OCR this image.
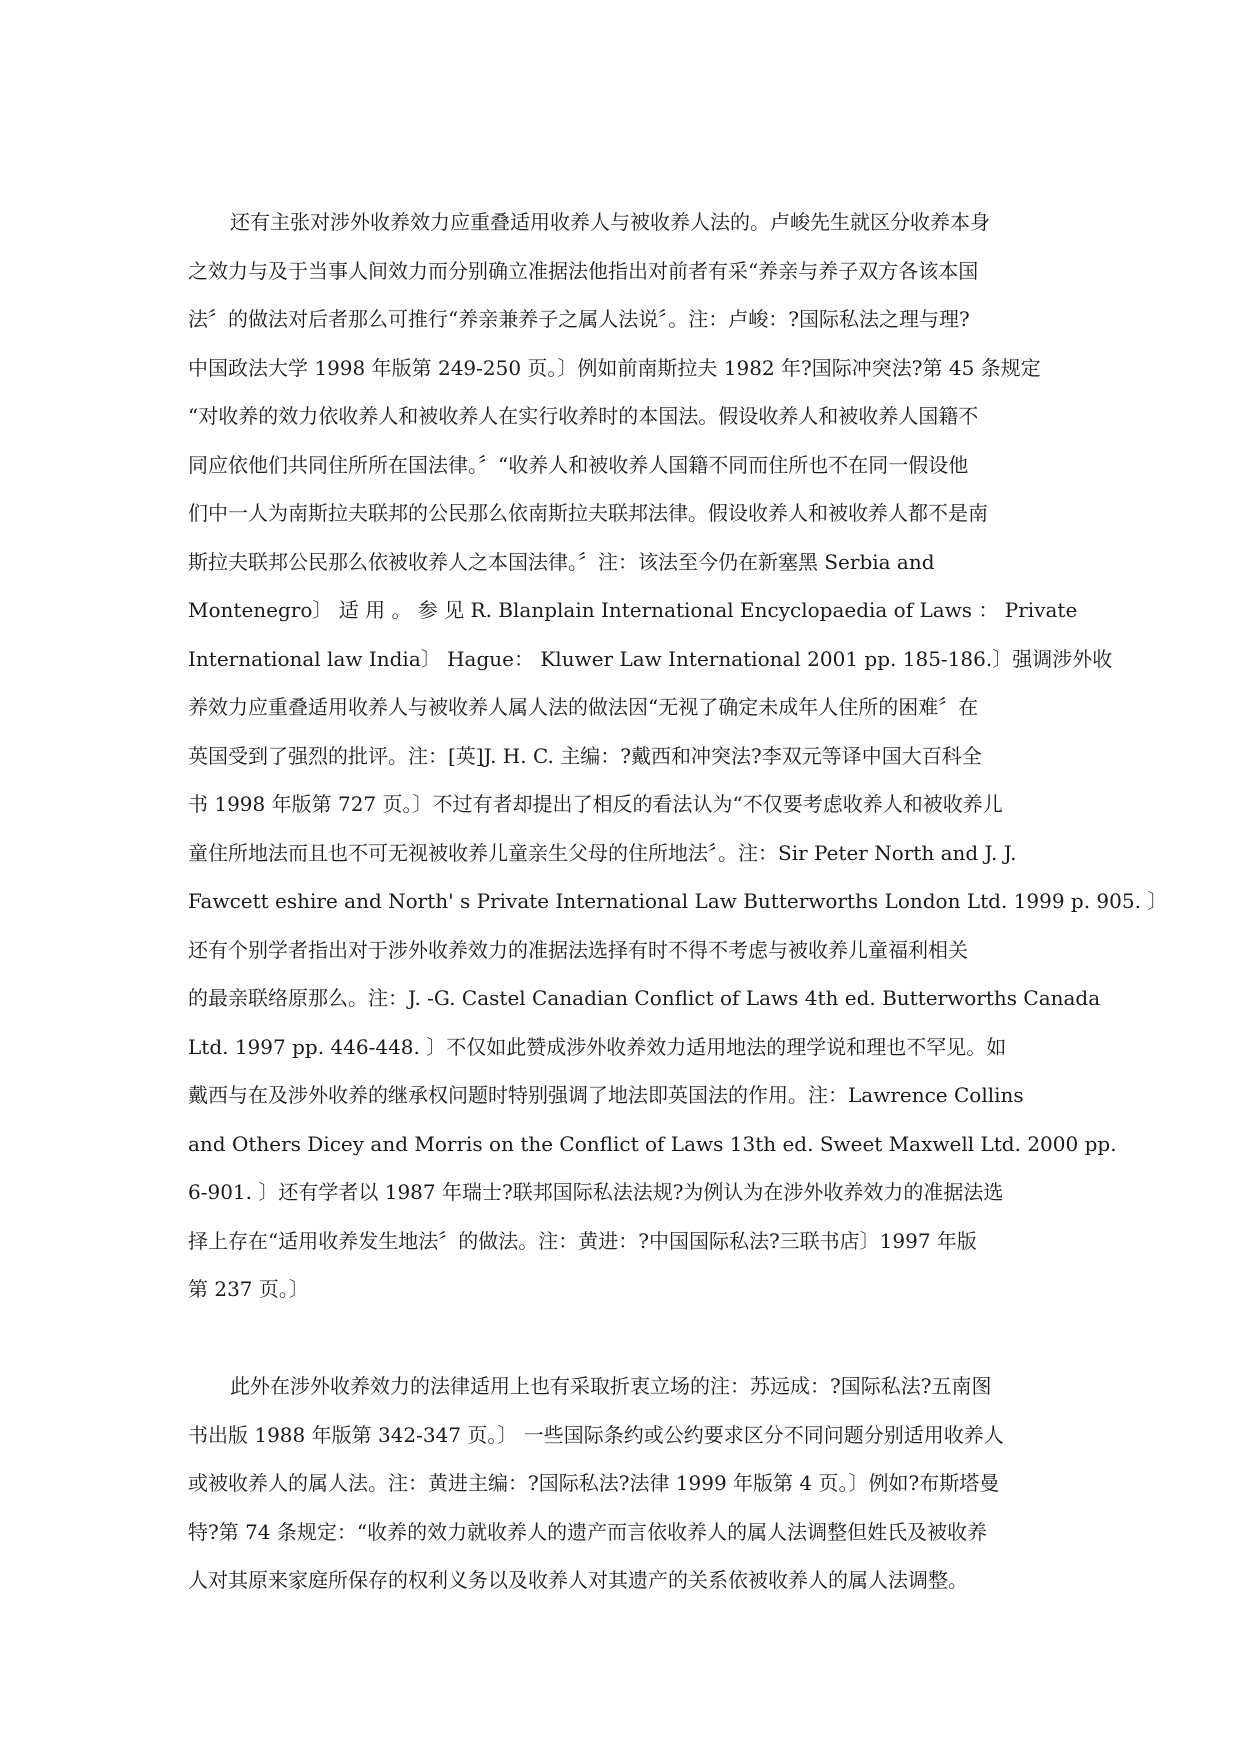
还有主张对涉外收养效力应重叠适用收养人与被收养人法的。卢峻先生就区分收养本身
之效力与及于当事人间效力而分别确立准据法他指出对前者有采“养亲与养子双方各该本国
法〞的做法对后者那么可推行“养亲兼养子之属人法说〞。注：卢峻：?国际私法之理与理?
中国政法大学 1998 年版第 249-250 页。〕例如前南斯拉夫 1982 年?国际冲突法?第 45 条规定
“对收养的效力依收养人和被收养人在实行收养时的本国法。假设收养人和被收养人国籍不
同应依他们共同住所所在国法律。〞“收养人和被收养人国籍不同而住所也不在同一假设他
们中一人为南斯拉夫联邦的公民那么依南斯拉夫联邦法律。假设收养人和被收养人都不是南
斯拉夫联邦公民那么依被收养人之本国法律。〞注：该法至今仍在新塞黑 Serbia and
Montenegro〕 适 用 。 参 见 R. Blanplain International Encyclopaedia of Laws ： Private
International law India〕 Hague： Kluwer Law International 2001 pp. 185-186.〕强调涉外收
养效力应重叠适用收养人与被收养人属人法的做法因“无视了确定未成年人住所的困难〞在
英国受到了强烈的批评。注：[英]J. H. C. 主编：?戴西和冲突法?李双元等译中国大百科全
书 1998 年版第 727 页。〕不过有者却提出了相反的看法认为“不仅要考虑收养人和被收养儿
童住所地法而且也不可无视被收养儿童亲生父母的住所地法〞。注：Sir Peter North and J. J.
Fawcett eshire and North' s Private International Law Butterworths London Ltd. 1999 p. 905. 〕
还有个别学者指出对于涉外收养效力的准据法选择有时不得不考虑与被收养儿童福利相关
的最亲联络原那么。注：J. -G. Castel Canadian Conflict of Laws 4th ed. Butterworths Canada
Ltd. 1997 pp. 446-448. 〕不仅如此赞成涉外收养效力适用地法的理学说和理也不罕见。如
戴西与在及涉外收养的继承权问题时特别强调了地法即英国法的作用。注：Lawrence Collins
and Others Dicey and Morris on the Conflict of Laws 13th ed. Sweet Maxwell Ltd. 2000 pp.
6-901. 〕还有学者以 1987 年瑞士?联邦国际私法法规?为例认为在涉外收养效力的准据法选
择上存在“适用收养发生地法〞的做法。注：黄进：?中国国际私法?三联书店〕1997 年版
第 237 页。〕
此外在涉外收养效力的法律适用上也有采取折衷立场的注：苏远成：?国际私法?五南图
书出版 1988 年版第 342-347 页。〕 一些国际条约或公约要求区分不同问题分别适用收养人
或被收养人的属人法。注：黄进主编：?国际私法?法律 1999 年版第 4 页。〕例如?布斯塔曼
特?第 74 条规定：“收养的效力就收养人的遗产而言依收养人的属人法调整但姓氏及被收养
人对其原来家庭所保存的权利义务以及收养人对其遗产的关系依被收养人的属人法调整。
